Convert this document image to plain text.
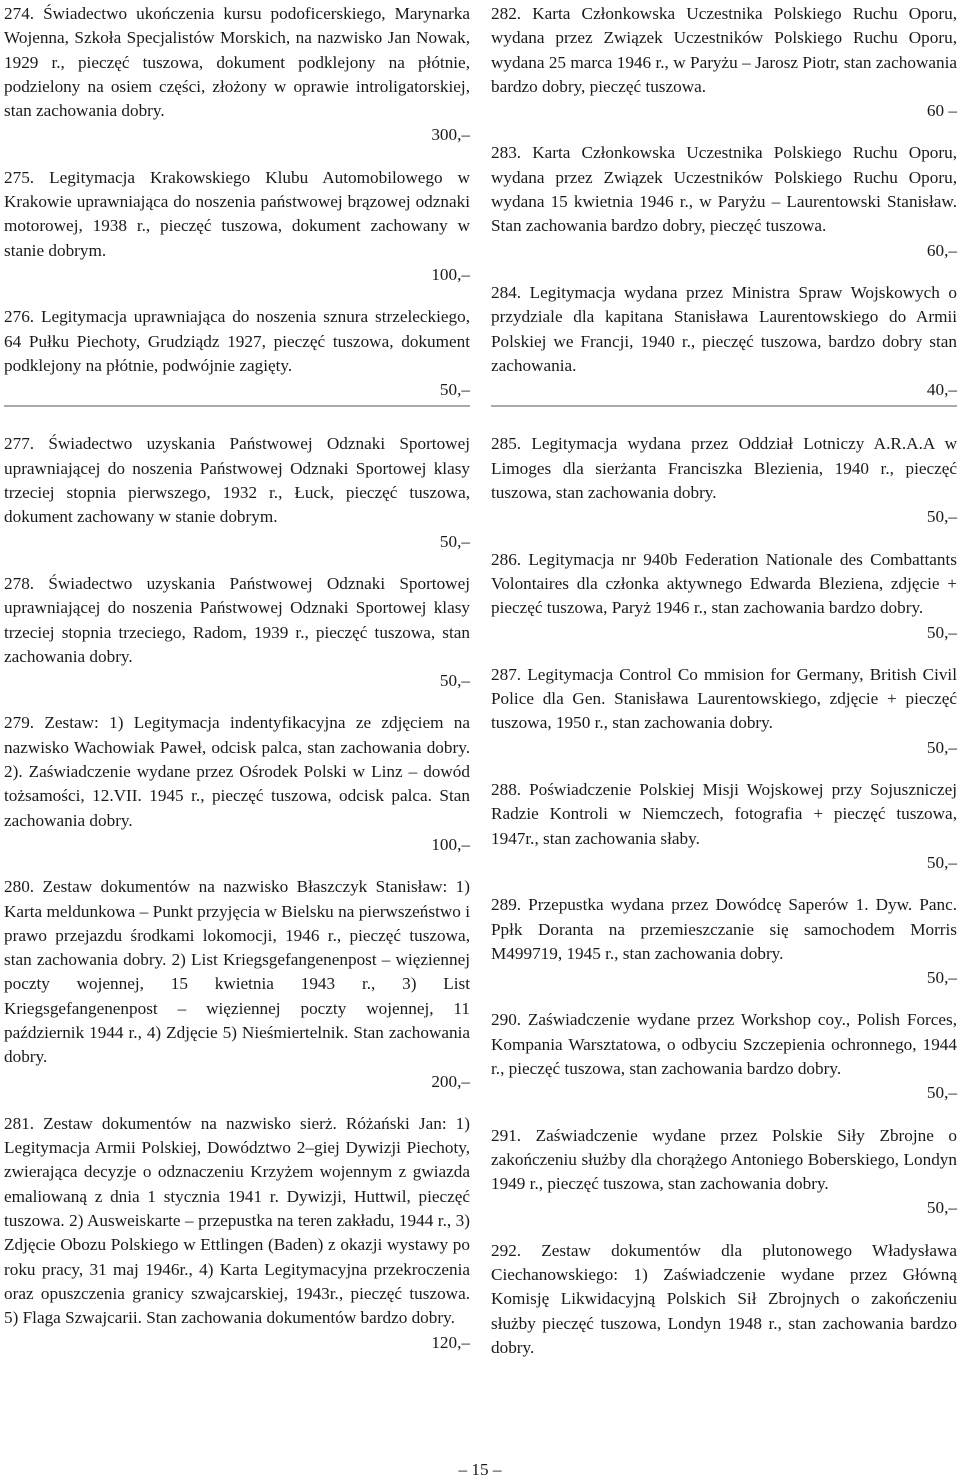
274. Świadectwo ukończenia kursu podoficerskiego, Marynarka Wojenna, Szkoła Specjalistów Morskich, na nazwisko Jan Nowak, 1929 r., pieczęć tuszowa, dokument podklejony na płótnie, podzielony na osiem części, złożony w oprawie introligatorskiej, stan zachowania dobry.
300,–
275. Legitymacja Krakowskiego Klubu Automobilowego w Krakowie uprawniająca do noszenia państwowej brązowej odznaki motorowej, 1938 r., pieczęć tuszowa, dokument zachowany w stanie dobrym.
100,–
276. Legitymacja uprawniająca do noszenia sznura strzeleckiego, 64 Pułku Piechoty, Grudziądz 1927, pieczęć tuszowa, dokument podklejony na płótnie, podwójnie zagięty.
50,–
277. Świadectwo uzyskania Państwowej Odznaki Sportowej uprawniającej do noszenia Państwowej Odznaki Sportowej klasy trzeciej stopnia pierwszego, 1932 r., Łuck, pieczęć tuszowa, dokument zachowany w stanie dobrym.
50,–
278. Świadectwo uzyskania Państwowej Odznaki Sportowej uprawniającej do noszenia Państwowej Odznaki Sportowej klasy trzeciej stopnia trzeciego, Radom, 1939 r., pieczęć tuszowa, stan zachowania dobry.
50,–
279. Zestaw: 1) Legitymacja indentyfikacyjna ze zdjęciem na nazwisko Wachowiak Paweł, odcisk palca, stan zachowania dobry. 2). Zaświadczenie wydane przez Ośrodek Polski w Linz – dowód tożsamości, 12.VII. 1945 r., pieczęć tuszowa, odcisk palca. Stan zachowania dobry.
100,–
280. Zestaw dokumentów na nazwisko Błaszczyk Stanisław: 1) Karta meldunkowa – Punkt przyjęcia w Bielsku na pierwszeństwo i prawo przejazdu środkami lokomocji, 1946 r., pieczęć tuszowa, stan zachowania dobry. 2) List Kriegsgefangenenpost – więziennej poczty wojennej, 15 kwietnia 1943 r., 3) List Kriegsgefangenenpost – więziennej poczty wojennej, 11 październik 1944 r., 4) Zdjęcie 5) Nieśmiertelnik. Stan zachowania dobry.
200,–
281. Zestaw dokumentów na nazwisko sierż. Różański Jan: 1) Legitymacja Armii Polskiej, Dowództwo 2–giej Dywizji Piechoty, zwierająca decyzje o odznaczeniu Krzyżem wojennym z gwiazda emaliowaną z dnia 1 stycznia 1941 r. Dywizji, Huttwil, pieczęć tuszowa. 2) Ausweiskarte – przepustka na teren zakładu, 1944 r., 3) Zdjęcie Obozu Polskiego w Ettlingen (Baden) z okazji wystawy po roku pracy, 31 maj 1946r., 4) Karta Legitymacyjna przekroczenia oraz opuszczenia granicy szwajcarskiej, 1943r., pieczęć tuszowa. 5) Flaga Szwajcarii. Stan zachowania dokumentów bardzo dobry.
120,–
282. Karta Członkowska Uczestnika Polskiego Ruchu Oporu, wydana przez Związek Uczestników Polskiego Ruchu Oporu, wydana 25 marca 1946 r., w Paryżu – Jarosz Piotr, stan zachowania bardzo dobry, pieczęć tuszowa.
60 –
283. Karta Członkowska Uczestnika Polskiego Ruchu Oporu, wydana przez Związek Uczestników Polskiego Ruchu Oporu, wydana 15 kwietnia 1946 r., w Paryżu – Laurentowski Stanisław. Stan zachowania bardzo dobry, pieczęć tuszowa.
60,–
284. Legitymacja wydana przez Ministra Spraw Wojskowych o przydziale dla kapitana Stanisława Laurentowskiego do Armii Polskiej we Francji, 1940 r., pieczęć tuszowa, bardzo dobry stan zachowania.
40,–
285. Legitymacja wydana przez Oddział Lotniczy A.R.A.A w Limoges dla sierżanta Franciszka Blezienia, 1940 r., pieczęć tuszowa, stan zachowania dobry.
50,–
286. Legitymacja nr 940b Federation Nationale des Combattants Volontaires dla członka aktywnego Edwarda Bleziena, zdjęcie + pieczęć tuszowa, Paryż 1946 r., stan zachowania bardzo dobry.
50,–
287. Legitymacja Control Co mmision for Germany, British Civil Police dla Gen. Stanisława Laurentowskiego, zdjęcie + pieczęć tuszowa, 1950 r., stan zachowania dobry.
50,–
288. Poświadczenie Polskiej Misji Wojskowej przy Sojuszniczej Radzie Kontroli w Niemczech, fotografia + pieczęć tuszowa, 1947r., stan zachowania słaby.
50,–
289. Przepustka wydana przez Dowódcę Saperów 1. Dyw. Panc. Ppłk Doranta na przemieszczanie się samochodem Morris M499719, 1945 r., stan zachowania dobry.
50,–
290. Zaświadczenie wydane przez Workshop coy., Polish Forces, Kompania Warsztatowa, o odbyciu Szczepienia ochronnego, 1944 r., pieczęć tuszowa, stan zachowania bardzo dobry.
50,–
291. Zaświadczenie wydane przez Polskie Siły Zbrojne o zakończeniu służby dla chorążego Antoniego Boberskiego, Londyn 1949 r., pieczęć tuszowa, stan zachowania dobry.
50,–
292. Zestaw dokumentów dla plutonowego Władysława Ciechanowskiego: 1) Zaświadczenie wydane przez Główną Komisję Likwidacyjną Polskich Sił Zbrojnych o zakończeniu służby pieczęć tuszowa, Londyn 1948 r., stan zachowania bardzo dobry.
– 15 –
